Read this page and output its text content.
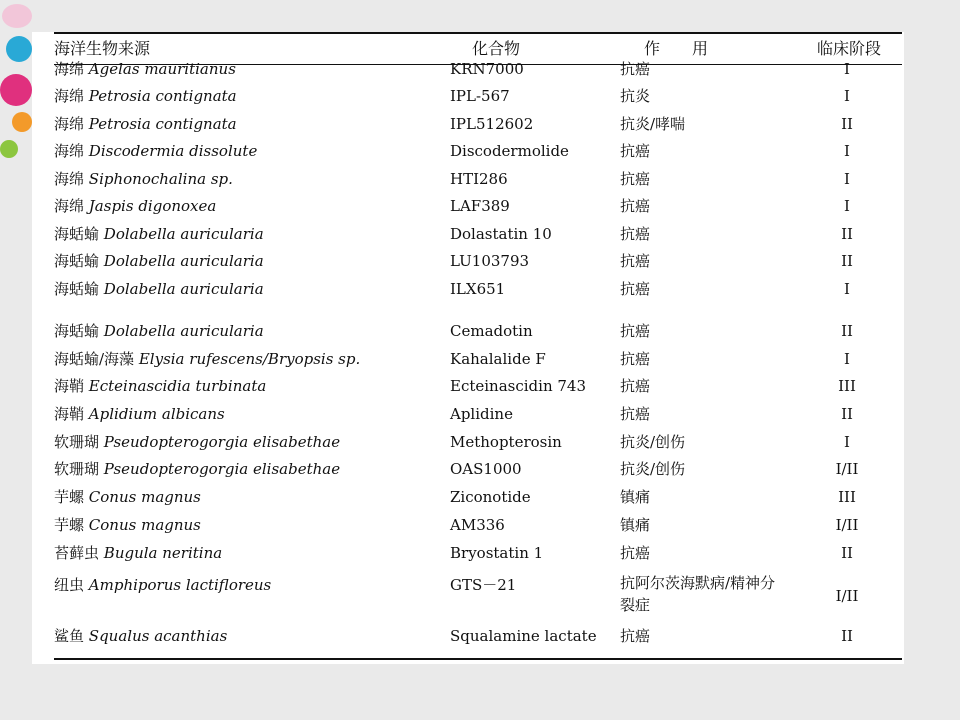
海洋生物来源	化合物	作　　用	临床阶段
海绵 Agelas mauritianus	KRN7000	抗癌	I
海绵 Petrosia contignata	IPL-567	抗炎	I
海绵 Petrosia contignata	IPL512602	抗炎/哮喘	II
海绵 Discodermia dissolute	Discodermolide	抗癌	I
海绵 Siphonochalina sp.	HTI286	抗癌	I
海绵 Jaspis digonoxea	LAF389	抗癌	I
海蛞蝓 Dolabella auricularia	Dolastatin 10	抗癌	II
海蛞蝓 Dolabella auricularia	LU103793	抗癌	II
海蛞蝓 Dolabella auricularia	ILX651	抗癌	I
海蛞蝓 Dolabella auricularia	Cemadotin	抗癌	II
海蛞蝓/海藻 Elysia rufescens/Bryopsis sp.	Kahalalide F	抗癌	I
海鞘 Ecteinascidia turbinata	Ecteinascidin 743	抗癌	III
海鞘 Aplidium albicans	Aplidine	抗癌	II
软珊瑚 Pseudopterogorgia elisabethae	Methopterosin	抗炎/创伤	I
软珊瑚 Pseudopterogorgia elisabethae	OAS1000	抗炎/创伤	I/II
芋螺 Conus magnus	Ziconotide	镇痛	III
芋螺 Conus magnus	AM336	镇痛	I/II
苔藓虫 Bugula neritina	Bryostatin 1	抗癌	II
纽虫 Amphiporus lactifloreus	GTS－21	抗阿尔茨海默病/精神分裂症	I/II
鲨鱼 Squalus acanthias	Squalamine lactate	抗癌	II
